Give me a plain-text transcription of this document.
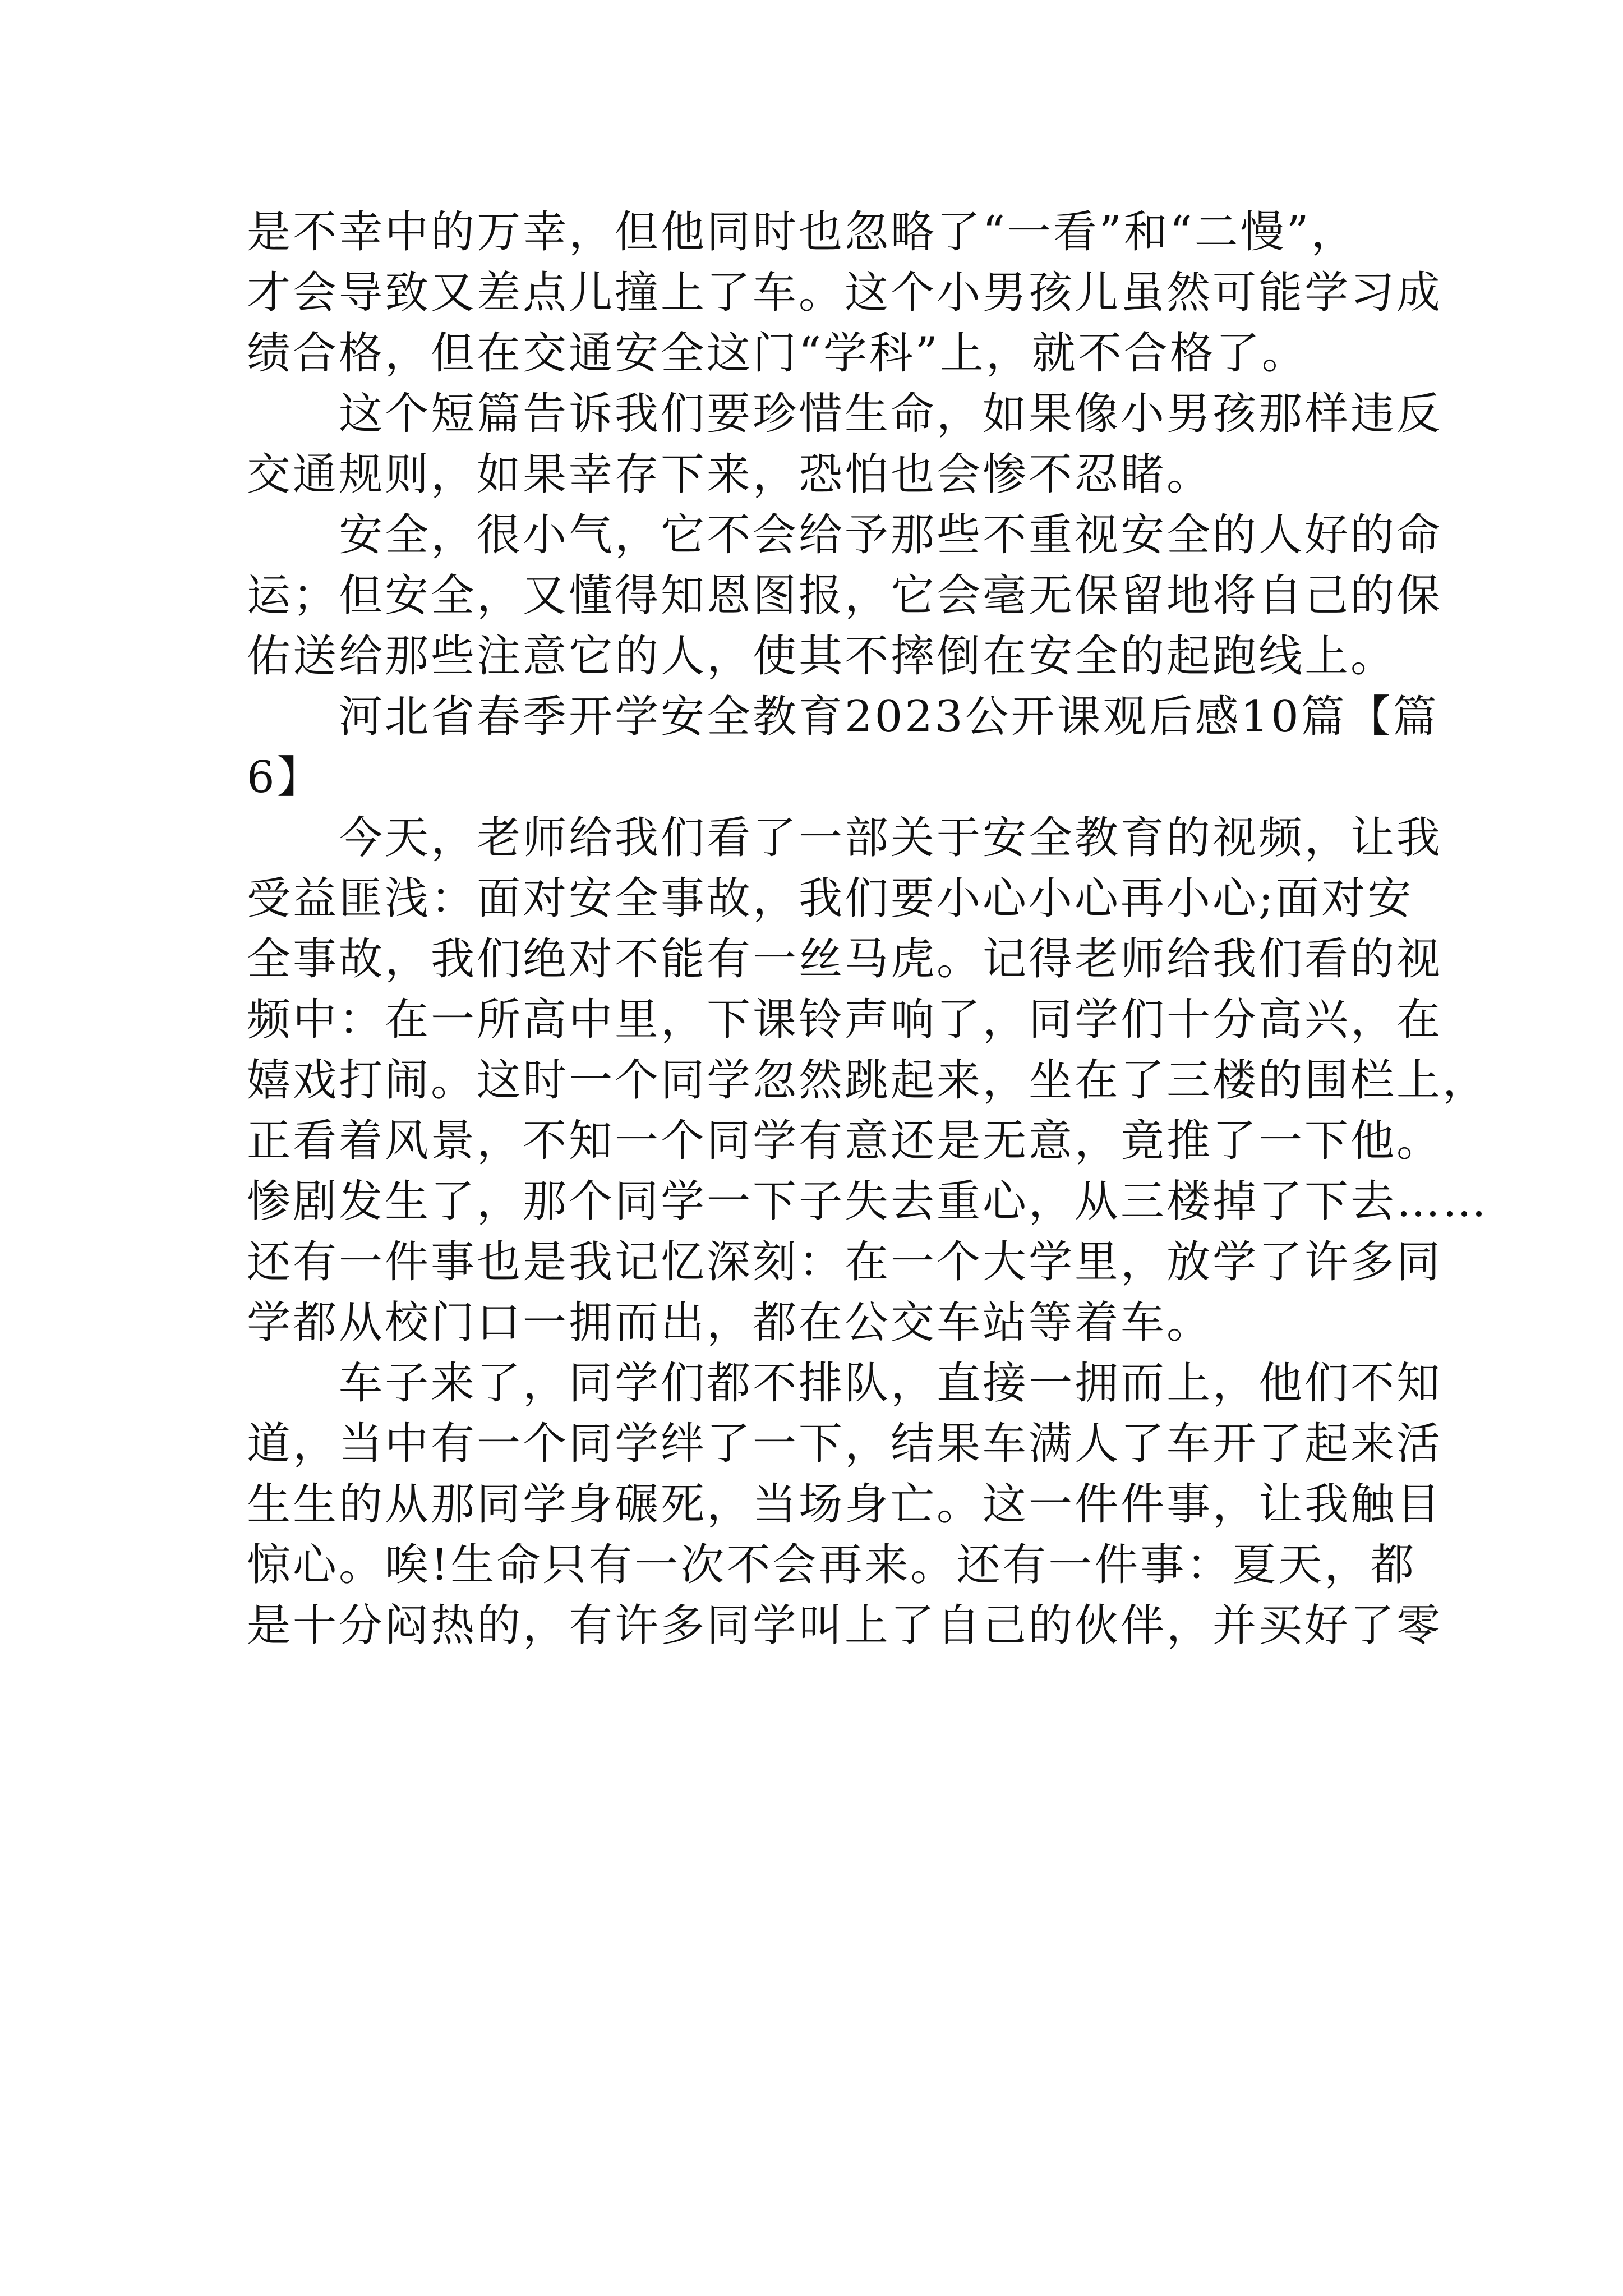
是不幸中的万幸，但他同时也忽略了“一看”和“二慢”，
才会导致又差点儿撞上了车。这个小男孩儿虽然可能学习成
绩合格，但在交通安全这门“学科”上，就不合格了。

这个短篇告诉我们要珍惜生命，如果像小男孩那样违反
交通规则，如果幸存下来，恐怕也会惨不忍睹。

安全，很小气，它不会给予那些不重视安全的人好的命
运；但安全，又懂得知恩图报，它会毫无保留地将自己的保
佑送给那些注意它的人，使其不摔倒在安全的起跑线上。

河北省春季开学安全教育2023公开课观后感10篇【篇
6】

今天，老师给我们看了一部关于安全教育的视频，让我
受益匪浅：面对安全事故，我们要小心小心再小心;面对安
全事故，我们绝对不能有一丝马虎。记得老师给我们看的视
频中：在一所高中里，下课铃声响了，同学们十分高兴，在
嬉戏打闹。这时一个同学忽然跳起来，坐在了三楼的围栏上，
正看着风景，不知一个同学有意还是无意，竟推了一下他。
惨剧发生了，那个同学一下子失去重心，从三楼掉了下去……
还有一件事也是我记忆深刻：在一个大学里，放学了许多同
学都从校门口一拥而出，都在公交车站等着车。

车子来了，同学们都不排队，直接一拥而上，他们不知
道，当中有一个同学绊了一下，结果车满人了车开了起来活
生生的从那同学身碾死，当场身亡。这一件件事，让我触目
惊心。唉!生命只有一次不会再来。还有一件事：夏天，都
是十分闷热的，有许多同学叫上了自己的伙伴，并买好了零
